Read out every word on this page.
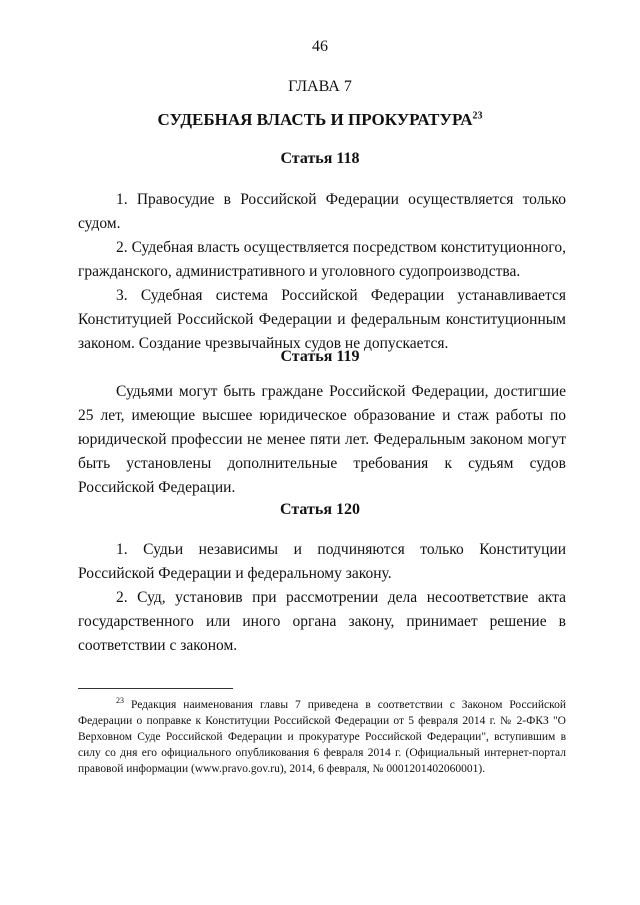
46
ГЛАВА 7
СУДЕБНАЯ ВЛАСТЬ И ПРОКУРАТУРА$^{23}$
Статья 118

1. Правосудие в Российской Федерации осуществляется только судом.

2. Судебная власть осуществляется посредством конституционного, гражданского, административного и уголовного судопроизводства.

3. Судебная система Российской Федерации устанавливается Конституцией Российской Федерации и федеральным конституционным законом. Создание чрезвычайных судов не допускается.

Статья 119

Судьями могут быть граждане Российской Федерации, достигшие 25 лет, имеющие высшее юридическое образование и стаж работы по юридической профессии не менее пяти лет. Федеральным законом могут быть установлены дополнительные требования к судьям судов Российской Федерации.

Статья 120

1. Судьи независимы и подчиняются только Конституции Российской Федерации и федеральному закону.

2. Суд, установив при рассмотрении дела несоответствие акта государственного или иного органа закону, принимает решение в соответствии с законом.

$^{23}$ Редакция наименования главы 7 приведена в соответствии с Законом Российской Федерации о поправке к Конституции Российской Федерации от 5 февраля 2014 г. № 2-ФКЗ "О Верховном Суде Российской Федерации и прокуратуре Российской Федерации", вступившим в силу со дня его официального опубликования 6 февраля 2014 г. (Официальный интернет-портал правовой информации (www.pravo.gov.ru), 2014, 6 февраля, № 0001201402060001).
